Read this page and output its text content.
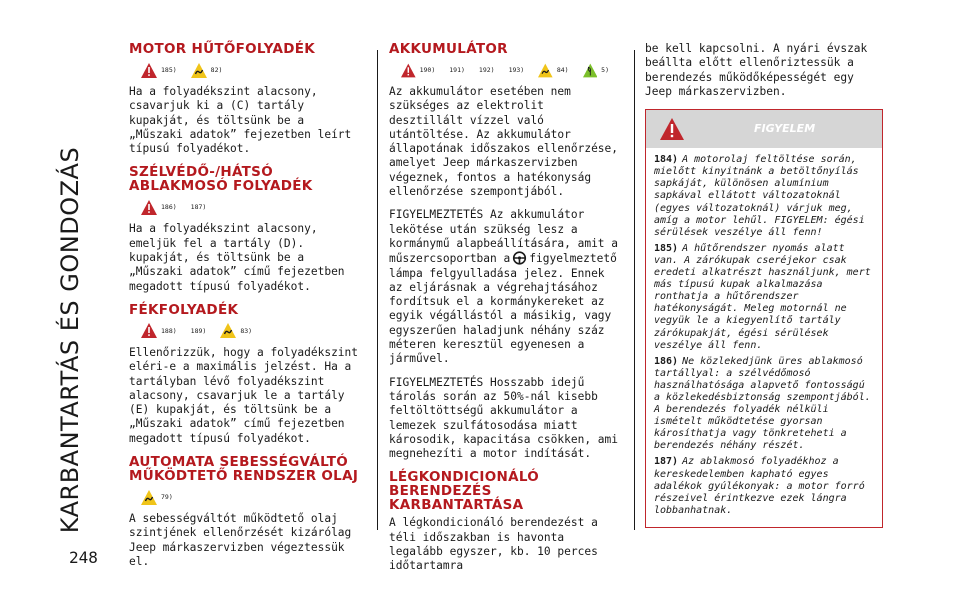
KARBANTARTÁS ÉS GONDOZÁS
248
MOTOR HŰTŐFOLYADÉK
185)	82)

Ha a folyadékszint alacsony, csavarjuk ki a (C) tartály kupakját, és töltsünk be a „Műszaki adatok” fejezetben leírt típusú folyadékot.

SZÉLVÉDŐ-/HÁTSÓ ABLAKMOSÓ FOLYADÉK
186) 187)

Ha a folyadékszint alacsony, emeljük fel a tartály (D). kupakját, és töltsünk be a „Műszaki adatok” című fejezetben megadott típusú folyadékot.

FÉKFOLYADÉK
188) 189)	83)

Ellenőrizzük, hogy a folyadékszint eléri-e a maximális jelzést. Ha a tartályban lévő folyadékszint alacsony, csavarjuk le a tartály (E) kupakját, és töltsünk be a „Műszaki adatok” című fejezetben megadott típusú folyadékot.

AUTOMATA SEBESSÉGVÁLTÓ MŰKÖDTETŐ RENDSZER OLAJ
79)

A sebességváltót működtető olaj szintjének ellenőrzését kizárólag Jeep márkaszervizben végeztessük el.

AKKUMULÁTOR
190) 191) 192) 193)	84)	5)

Az akkumulátor esetében nem szükséges az elektrolit desztillált vízzel való utántöltése. Az akkumulátor állapotának időszakos ellenőrzése, amelyet Jeep márkaszervizben végeznek, fontos a hatékonyság ellenőrzése szempontjából.

FIGYELMEZTETÉS Az akkumulátor lekötése után szükség lesz a kormánymű alapbeállítására, amit a műszercsoportban a figyelmeztető lámpa felgyulladása jelez. Ennek az eljárásnak a végrehajtásához fordítsuk el a kormánykereket az egyik végállástól a másikig, vagy egyszerűen haladjunk néhány száz méteren keresztül egyenesen a járművel.

FIGYELMEZTETÉS Hosszabb idejű tárolás során az 50%-nál kisebb feltöltöttségű akkumulátor a lemezek szulfátosodása miatt károsodik, kapacitása csökken, ami megnehezíti a motor indítását.

LÉGKONDICIONÁLÓ BERENDEZÉS KARBANTARTÁSA

A légkondicionáló berendezést a téli időszakban is havonta legalább egyszer, kb. 10 perces időtartamra

be kell kapcsolni. A nyári évszak beállta előtt ellenőriztessük a berendezés működőképességét egy Jeep márkaszervizben.

FIGYELEM
184) A motorolaj feltöltése során, mielőtt kinyitnánk a betöltőnyílás sapkáját, különösen alumínium sapkával ellátott változatoknál (egyes változatoknál) várjuk meg, amíg a motor lehűl. FIGYELEM: égési sérülések veszélye áll fenn!
185) A hűtőrendszer nyomás alatt van. A zárókupak cseréjekor csak eredeti alkatrészt használjunk, mert más típusú kupak alkalmazása ronthatja a hűtőrendszer hatékonyságát. Meleg motornál ne vegyük le a kiegyenlítő tartály zárókupakját, égési sérülések veszélye áll fenn.
186) Ne közlekedjünk üres ablakmosó tartállyal: a szélvédőmosó használhatósága alapvető fontosságú a közlekedésbiztonság szempontjából. A berendezés folyadék nélküli ismételt működtetése gyorsan károsíthatja vagy tönkreteheti a berendezés néhány részét.
187) Az ablakmosó folyadékhoz a kereskedelemben kapható egyes adalékok gyúlékonyak: a motor forró részeivel érintkezve ezek lángra lobbanhatnak.
